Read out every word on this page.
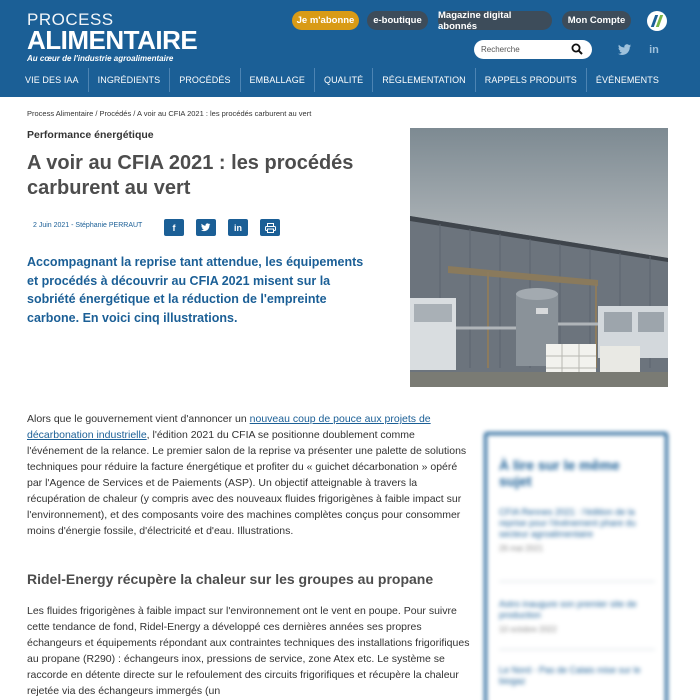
PROCESS
ALIMENTAIRE
Au cœur de l'industrie agroalimentaire
Je m'abonne	e-boutique	Magazine digital abonnés	Mon Compte
Recherche
in
VIE DES IAA	INGRÉDIENTS	PROCÉDÉS	EMBALLAGE	QUALITÉ	RÉGLEMENTATION	RAPPELS PRODUITS	ÉVÉNEMENTS
Process Alimentaire / Procédés / A voir au CFIA 2021 : les procédés carburent au vert
Performance énergétique
A voir au CFIA 2021 : les procédés carburent au vert
2 Juin 2021 - Stéphanie PERRAUT	f	in

Accompagnant la reprise tant attendue, les équipements et procédés à découvrir au CFIA 2021 misent sur la sobriété énergétique et la réduction de l'empreinte carbone. En voici cinq illustrations.

Alors que le gouvernement vient d'annoncer un nouveau coup de pouce aux projets de décarbonation industrielle, l'édition 2021 du CFIA se positionne doublement comme l'événement de la relance. Le premier salon de la reprise va présenter une palette de solutions techniques pour réduire la facture énergétique et profiter du « guichet décarbonation » opéré par l'Agence de Services et de Paiements (ASP). Un objectif atteignable à travers la récupération de chaleur (y compris avec des nouveaux fluides frigorigènes à faible impact sur l'environnement), et des composants voire des machines complètes conçus pour consommer moins d'énergie fossile, d'électricité et d'eau. Illustrations.
Ridel-Energy récupère la chaleur sur les groupes au propane
Les fluides frigorigènes à faible impact sur l'environnement ont le vent en poupe. Pour suivre cette tendance de fond, Ridel-Energy a développé ces dernières années ses propres échangeurs et équipements répondant aux contraintes techniques des installations frigorifiques au propane (R290) : échangeurs inox, pressions de service, zone Atex etc. Le système se raccorde en détente directe sur le refoulement des circuits frigorifiques et récupère la chaleur rejetée via des échangeurs immergés (un
À lire sur le même sujet
CFIA Rennes 2021 : l'édition de la reprise pour l'événement phare du secteur agroalimentaire
26 mai 2021
Astro inaugure son premier site de production
10 octobre 2022
Le Nord - Pas de Calais mise sur le biogaz
